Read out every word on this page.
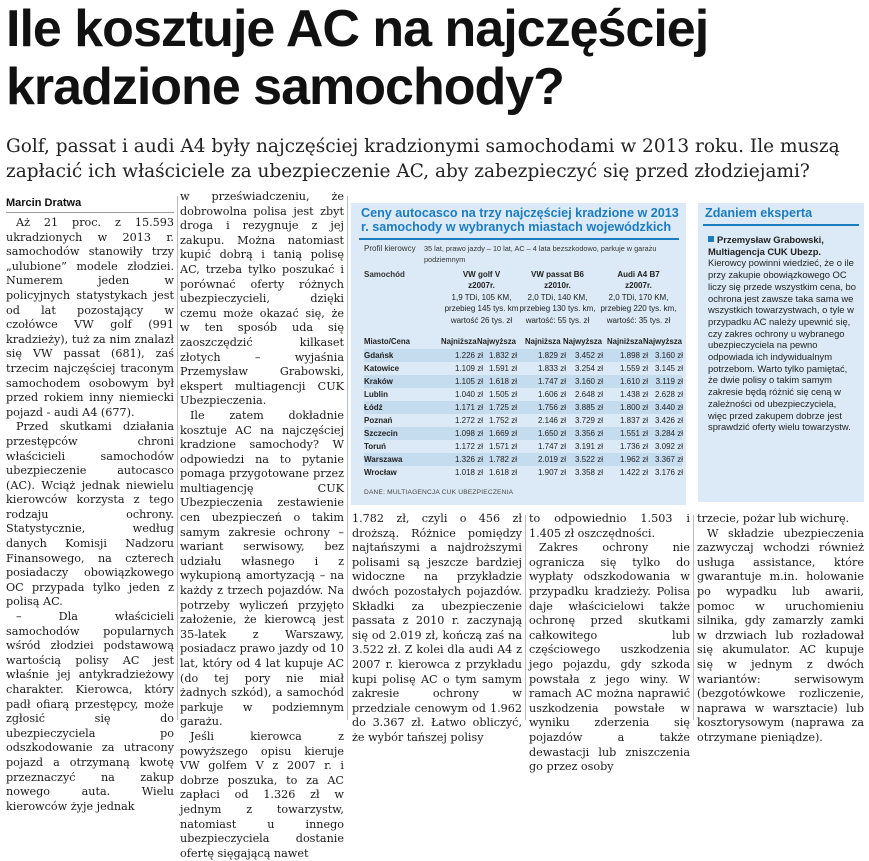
Ile kosztuje AC na najczęściej
kradzione samochody?

Golf, passat i audi A4 były najczęściej kradzionymi samochodami w 2013 roku. Ile muszą zapłacić ich właściciele za ubezpieczenie AC, aby zabezpieczyć się przed złodziejami?

Marcin Dratwa

Aż 21 proc. z 15.593 ukradzionych w 2013 r. samochodów stanowiły trzy „ulubione” modele złodziei. Numerem jeden w policyjnych statystykach jest od lat pozostający w czołówce VW golf (991 kradzieży), tuż za nim znalazł się VW passat (681), zaś trzecim najczęściej traconym samochodem osobowym był przed rokiem inny niemiecki pojazd - audi A4 (677).

Przed skutkami działania przestępców chroni właścicieli samochodów ubezpieczenie autocasco (AC). Wciąż jednak niewielu kierowców korzysta z tego rodzaju ochrony. Statystycznie, według danych Komisji Nadzoru Finansowego, na czterech posiadaczy obowiązkowego OC przypada tylko jeden z polisą AC.

– Dla właścicieli samochodów popularnych wśród złodziei podstawową wartością polisy AC jest właśnie jej antykradzieżowy charakter. Kierowca, który padł ofiarą przestępcy, może zgłosić się do ubezpieczyciela po odszkodowanie za utracony pojazd a otrzymaną kwotę przeznaczyć na zakup nowego auta. Wielu kierowców żyje jednak

w przeświadczeniu, że dobrowolna polisa jest zbyt droga i rezygnuje z jej zakupu. Można natomiast kupić dobrą i tanią polisę AC, trzeba tylko poszukać i porównać oferty różnych ubezpieczycieli, dzięki czemu może okazać się, że w ten sposób uda się zaoszczędzić kilkaset złotych – wyjaśnia Przemysław Grabowski, ekspert multiagencji CUK Ubezpieczenia.

Ile zatem dokładnie kosztuje AC na najczęściej kradzione samochody? W odpowiedzi na to pytanie pomaga przygotowane przez multiagencję CUK Ubezpieczenia zestawienie cen ubezpieczeń o takim samym zakresie ochrony – wariant serwisowy, bez udziału własnego i z wykupioną amortyzacją – na każdy z trzech pojazdów. Na potrzeby wyliczeń przyjęto założenie, że kierowcą jest 35-latek z Warszawy, posiadacz prawo jazdy od 10 lat, który od 4 lat kupuje AC (do tej pory nie miał żadnych szkód), a samochód parkuje w podziemnym garażu.

Jeśli kierowca z powyższego opisu kieruje VW golfem V z 2007 r. i dobrze poszuka, to za AC zapłaci od 1.326 zł w jednym z towarzystw, natomiast u innego ubezpieczyciela dostanie ofertę sięgającą nawet

Ceny autocasco na trzy najczęściej kradzione w 2013 r. samochody w wybranych miastach wojewódzkich
Profil kierowcy 35 lat, prawo jazdy – 10 lat, AC – 4 lata bezszkodowo, parkuje w garażu podziemnym
Samochód	VW golf V
z2007r.
1,9 TDi, 105 KM,
przebieg 145 tys. km
wartość 26 tys. zł
VW passat B6
z2010r.
2,0 TDi, 140 KM,
przebieg 130 tys. km,
wartość: 55 tys. zł
Audi A4 B7
z2007r.
2,0 TDi, 170 KM,
przebieg 220 tys. km,
wartość: 35 tys. zł
Miasto/Cena	Najniższa Najwyższa Najniższa Najwyższa Najniższa Najwyższa
Gdańsk	1.226 zł 1.832 zł	1.829 zł	3.452 zł 1.898 zł 3.160 zł
Katowice	1.109 zł 1.591 zł	1.833 zł	3.254 zł 1.559 zł 3.145 zł
Kraków	1.105 zł 1.618 zł	1.747 zł	3.160 zł 1.610 zł 3.119 zł
Lublin	1.040 zł 1.505 zł	1.606 zł	2.648 zł 1.438 zł 2.628 zł
Łódź	1.171 zł 1.725 zł	1.756 zł	3.885 zł 1.800 zł 3.440 zł
Poznań	1.272 zł 1.752 zł	2.146 zł	3.729 zł 1.837 zł 3.426 zł
Szczecin	1.098 zł 1.669 zł	1.650 zł	3.356 zł 1.551 zł 3.284 zł
Toruń	1.172 zł 1.571 zł	1.747 zł	3.191 zł 1.736 zł 3.092 zł
Warszawa	1.326 zł 1.782 zł	2.019 zł	3.522 zł 1.962 zł 3.367 zł
Wrocław	1.018 zł 1.618 zł	1.907 zł	3.358 zł 1.422 zł 3.176 zł
DANE: MULTIAGENCJA CUK UBEZPIECZENIA
Zdaniem eksperta
Przemysław Grabowski, Multiagencja CUK Ubezp.
Kierowcy powinni wiedzieć, że o ile przy zakupie obowiązkowego OC liczy się przede wszystkim cena, bo ochrona jest zawsze taka sama we wszystkich towarzystwach, o tyle w przypadku AC należy upewnić się, czy zakres ochrony u wybranego ubezpieczyciela na pewno odpowiada ich indywidualnym potrzebom. Warto tylko pamiętać, że dwie polisy o takim samym zakresie będą różnić się ceną w zależności od ubezpieczyciela, więc przed zakupem dobrze jest sprawdzić oferty wielu towarzystw.

1.782 zł, czyli o 456 zł droższą. Różnice pomiędzy najtańszymi a najdroższymi polisami są jeszcze bardziej widoczne na przykładzie dwóch pozostałych pojazdów. Składki za ubezpieczenie passata z 2010 r. zaczynają się od 2.019 zł, kończą zaś na 3.522 zł. Z kolei dla audi A4 z 2007 r. kierowca z przykładu kupi polisę AC o tym samym zakresie ochrony w przedziale cenowym od 1.962 do 3.367 zł. Łatwo obliczyć, że wybór tańszej polisy

to odpowiednio 1.503 i 1.405 zł oszczędności.

Zakres ochrony nie ogranicza się tylko do wypłaty odszkodowania w przypadku kradzieży. Polisa daje właścicielowi także ochronę przed skutkami całkowitego lub częściowego uszkodzenia jego pojazdu, gdy szkoda powstała z jego winy. W ramach AC można naprawić uszkodzenia powstałe w wyniku zderzenia się pojazdów a także dewastacji lub zniszczenia go przez osoby

trzecie, pożar lub wichurę.

W składzie ubezpieczenia zazwyczaj wchodzi również usługa assistance, które gwarantuje m.in. holowanie po wypadku lub awarii, pomoc w uruchomieniu silnika, gdy zamarzły zamki w drzwiach lub rozładował się akumulator. AC kupuje się w jednym z dwóch wariantów: serwisowym (bezgotówkowe rozliczenie, naprawa w warsztacie) lub kosztorysowym (naprawa za otrzymane pieniądze).
